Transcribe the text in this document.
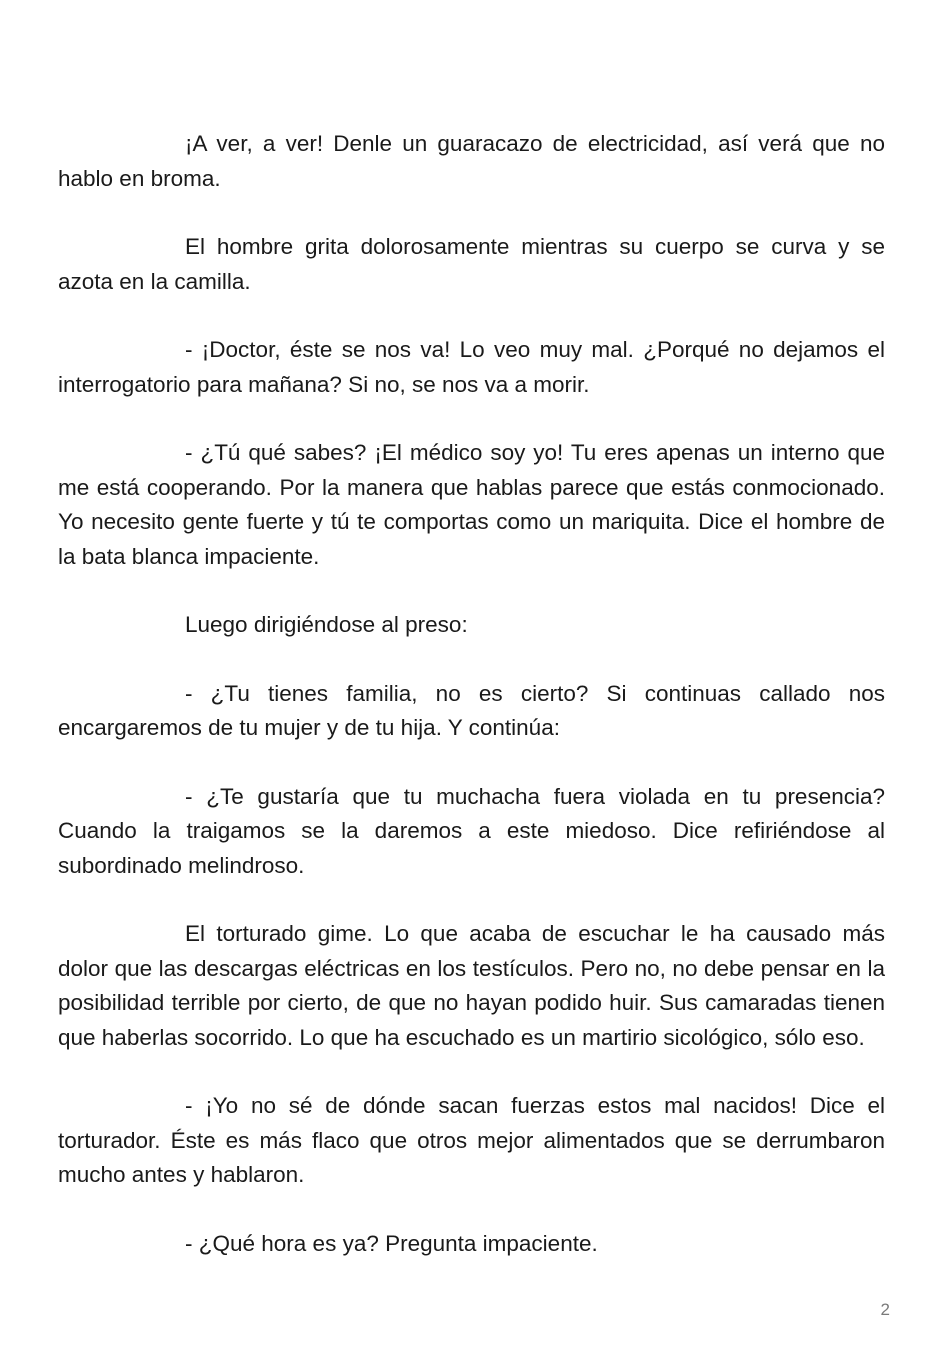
¡A ver, a ver! Denle un guaracazo de electricidad, así verá que no hablo en broma.

El hombre grita dolorosamente mientras su cuerpo se curva y se azota en la camilla.

- ¡Doctor, éste se nos va! Lo veo muy mal. ¿Porqué no dejamos el interrogatorio para mañana? Si no, se nos va a morir.

- ¿Tú qué sabes? ¡El médico soy yo! Tu eres apenas un interno que me está cooperando. Por la manera que hablas parece que estás conmocionado. Yo necesito gente fuerte y tú te comportas como un mariquita. Dice el hombre de la bata blanca impaciente.

Luego dirigiéndose al preso:

- ¿Tu tienes familia, no es cierto? Si continuas callado nos encargaremos de tu mujer y de tu hija. Y continúa:

- ¿Te gustaría que tu muchacha fuera violada en tu presencia? Cuando la traigamos se la daremos a este miedoso. Dice refiriéndose al subordinado melindroso.

El torturado gime. Lo que acaba de escuchar le ha causado más dolor que las descargas eléctricas en los testículos. Pero no, no debe pensar en la posibilidad terrible por cierto, de que no hayan podido huir. Sus camaradas tienen que haberlas socorrido. Lo que ha escuchado es un martirio sicológico, sólo eso.

- ¡Yo no sé de dónde sacan fuerzas estos mal nacidos! Dice el torturador. Éste es más flaco que otros mejor alimentados que se derrumbaron mucho antes y hablaron.

- ¿Qué hora es ya? Pregunta impaciente.

2
